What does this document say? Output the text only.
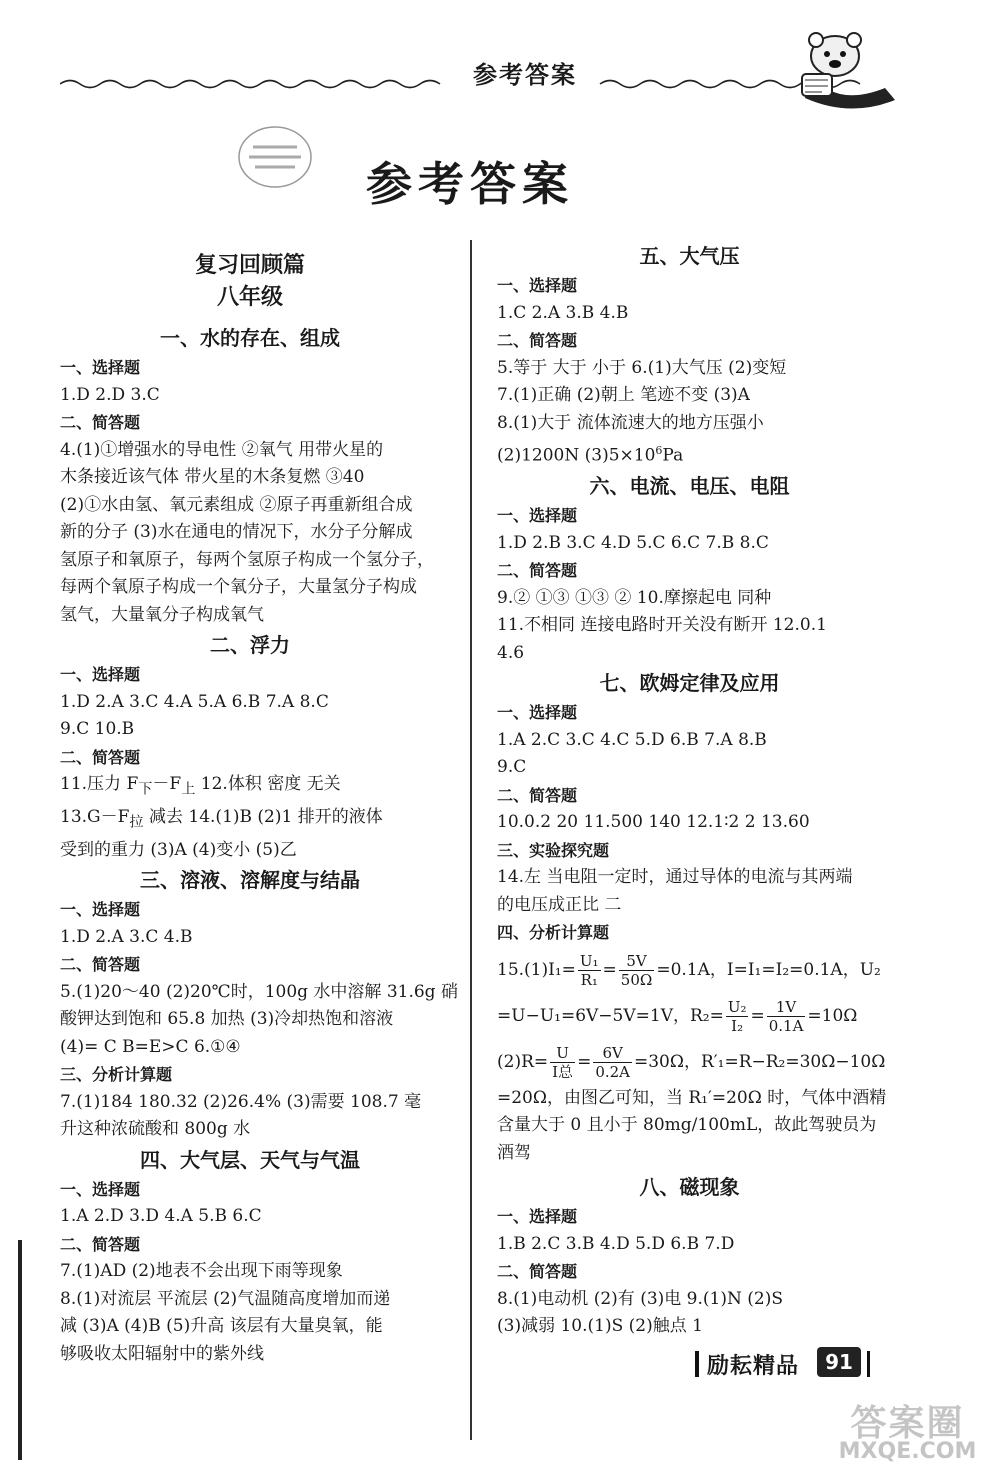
参考答案
参考答案
复习回顾篇
八年级
一、水的存在、组成
一、选择题
1.D 2.D 3.C
二、简答题
4.(1)①增强水的导电性 ②氧气 用带火星的
木条接近该气体 带火星的木条复燃 ③40
(2)①水由氢、氧元素组成 ②原子再重新组合成
新的分子 (3)水在通电的情况下，水分子分解成
氢原子和氧原子，每两个氢原子构成一个氢分子，
每两个氧原子构成一个氧分子，大量氢分子构成
氢气，大量氧分子构成氧气
二、浮力
一、选择题
1.D 2.A 3.C 4.A 5.A 6.B 7.A 8.C
9.C 10.B
二、简答题
11.压力 $F_下-F_上$ 12.体积 密度 无关
$13.G-F_拉$ 减去 14.(1)B (2)1 排开的液体
受到的重力 (3)A (4)变小 (5)乙
三、溶液、溶解度与结晶
一、选择题
1.D 2.A 3.C 4.B
二、简答题
5.(1)20～40 (2)20℃时，100g 水中溶解 31.6g 硝
酸钾达到饱和 65.8 加热 (3)冷却热饱和溶液
(4)= C B=E>C 6.①④
三、分析计算题
7.(1)184 180.32 (2)26.4% (3)需要 108.7 毫
升这种浓硫酸和 800g 水
四、大气层、天气与气温
一、选择题
1.A 2.D 3.D 4.A 5.B 6.C
二、简答题
7.(1)AD (2)地表不会出现下雨等现象
8.(1)对流层 平流层 (2)气温随高度增加而递
减 (3)A (4)B (5)升高 该层有大量臭氧，能
够吸收太阳辐射中的紫外线
五、大气压
一、选择题
1.C 2.A 3.B 4.B
二、简答题
5.等于 大于 小于 6.(1)大气压 (2)变短
7.(1)正确 (2)朝上 笔迹不变 (3)A
8.(1)大于 流体流速大的地方压强小
(2)1200N $(3)5\times 10^6Pa$
六、电流、电压、电阻
一、选择题
1.D 2.B 3.C 4.D 5.C 6.C 7.B 8.C
二、简答题
9.② ①③ ①③ ② 10.摩擦起电 同种
11.不相同 连接电路时开关没有断开 12.0.1
4.6
七、欧姆定律及应用
一、选择题
1.A 2.C 3.C 4.C 5.D 6.B 7.A 8.B
9.C
二、简答题
10.0.2 20 11.500 140 12.1∶2 2 13.60
三、实验探究题
14.左 当电阻一定时，通过导体的电流与其两端
的电压成正比 二
四、分析计算题
$15.(1)I_1= \frac{\text{U₁}}{\text{R₁}} = \frac{5V}{50\Omega} =0.1A$，I=I₁=I₂=0.1A，U₂
=U−U₁=6V−5V=1V，$R_2= \frac{\text{U₂}}{\text{I₂}} = \frac{1V}{0.1A} =10\Omega$
$(2)R= \frac{U}{\text{I总}} = \frac{6V}{0.2A} =30\Omega$，R′₁=R−R₂=30Ω−10Ω
=20Ω，由图乙可知，当 R₁′=20Ω 时，气体中酒精
含量大于 0 且小于 80mg/100mL，故此驾驶员为
酒驾
八、磁现象
一、选择题
1.B 2.C 3.B 4.D 5.D 6.B 7.D
二、简答题
8.(1)电动机 (2)有 (3)电 9.(1)N (2)S
(3)减弱 10.(1)S (2)触点 1
励耘精品	91
答案圈
MXQE.COM
